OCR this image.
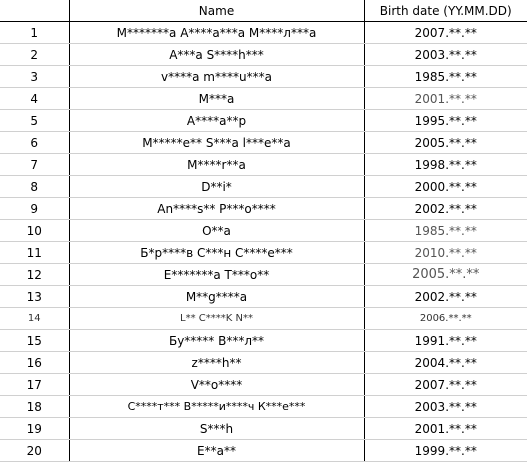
	Name	Birth date (YY.MM.DD)
1	M*******a A****a***a M****л***a	2007.**.**
2	A***a S****h***	2003.**.**
3	v****a m****u***a	1985.**.**
4	M***a	2001.**.**
5	A****a**p	1995.**.**
6	M*****e** S***a l***e**a	2005.**.**
7	M****r**a	1998.**.**
8	D**i*	2000.**.**
9	An****s** P***o****	2002.**.**
10	O**a	1985.**.**
11	Б*р****в С***н С****е***	2010.**.**
12	E*******a T***o**	2005.**.**
13	M**g****a	2002.**.**
14	L** C****K N**	2006.**.**
15	Бу***** В***л**	1991.**.**
16	z****h**	2004.**.**
17	V**o****	2007.**.**
18	С****т*** В*****и****ч К***е***	2003.**.**
19	S***h	2001.**.**
20	E**a**	1999.**.**
